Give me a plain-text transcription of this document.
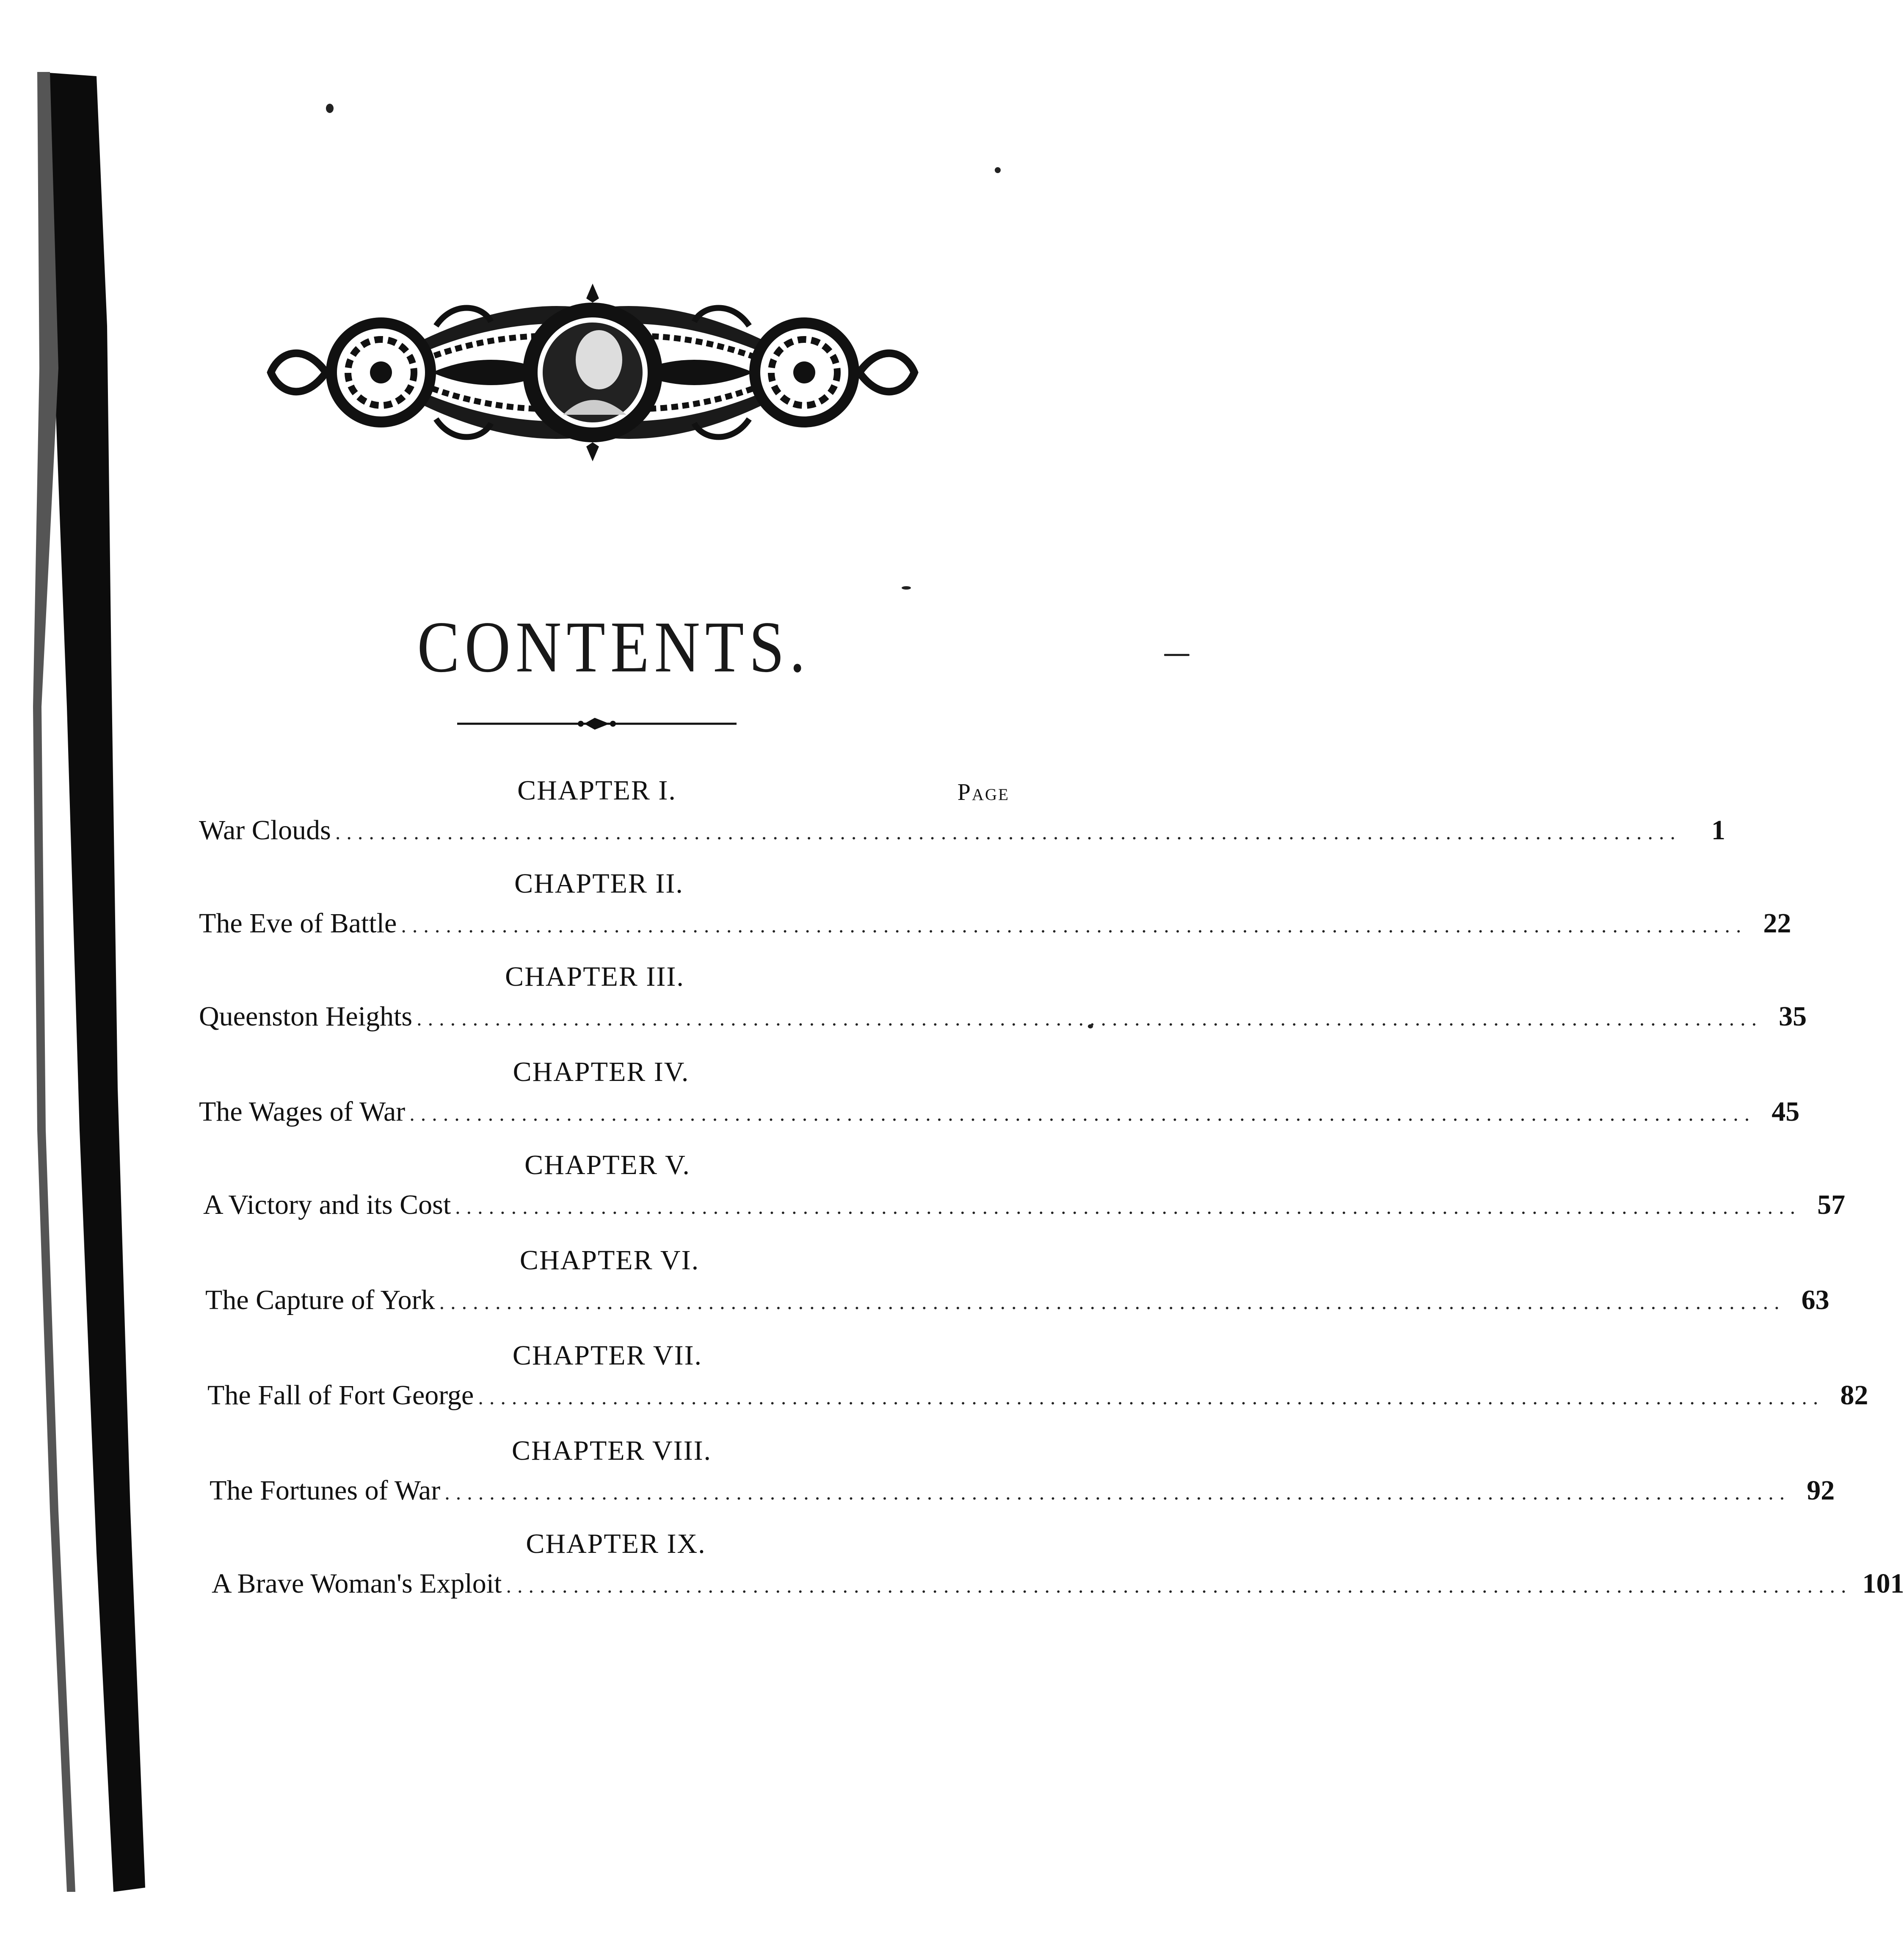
CONTENTS.
Page
CHAPTER I.
War Clouds ........................................................................................................................	1
CHAPTER II.
The Eve of Battle ........................................................................................................................ 22
CHAPTER III.
Queenston Heights ........................................................................................................................ 35
CHAPTER IV.
The Wages of War ........................................................................................................................ 45
CHAPTER V.
A Victory and its Cost ........................................................................................................................ 57
CHAPTER VI.
The Capture of York ........................................................................................................................ 63
CHAPTER VII.
The Fall of Fort George ........................................................................................................................ 82
CHAPTER VIII.
The Fortunes of War ........................................................................................................................ 92
CHAPTER IX.
A Brave Woman's Exploit ........................................................................................................................ 101
